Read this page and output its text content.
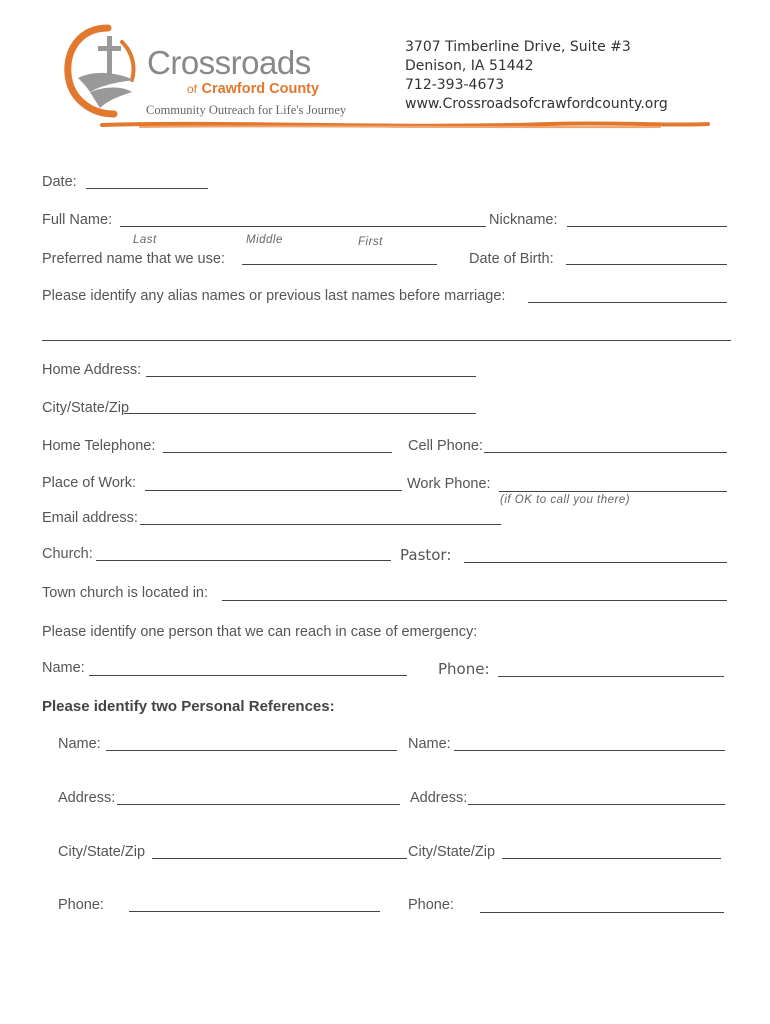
Crossroads
of Crawford County
Community Outreach for Life's Journey
3707 Timberline Drive, Suite #3
Denison, IA 51442
712-393-4673
www.Crossroadsofcrawfordcounty.org
Date:
Full Name:	Nickname:
Last	Middle	First
Preferred name that we use:	Date of Birth:
Please identify any alias names or previous last names before marriage:
Home Address:
City/State/Zip
Home Telephone:	Cell Phone:
Place of Work:	Work Phone:
(if OK to call you there)
Email address:
Church:	Pastor:
Town church is located in:
Please identify one person that we can reach in case of emergency:
Name:	Phone:
Please identify two Personal References:
Name:	Name:
Address:	Address:
City/State/Zip	City/State/Zip
Phone:	Phone:
